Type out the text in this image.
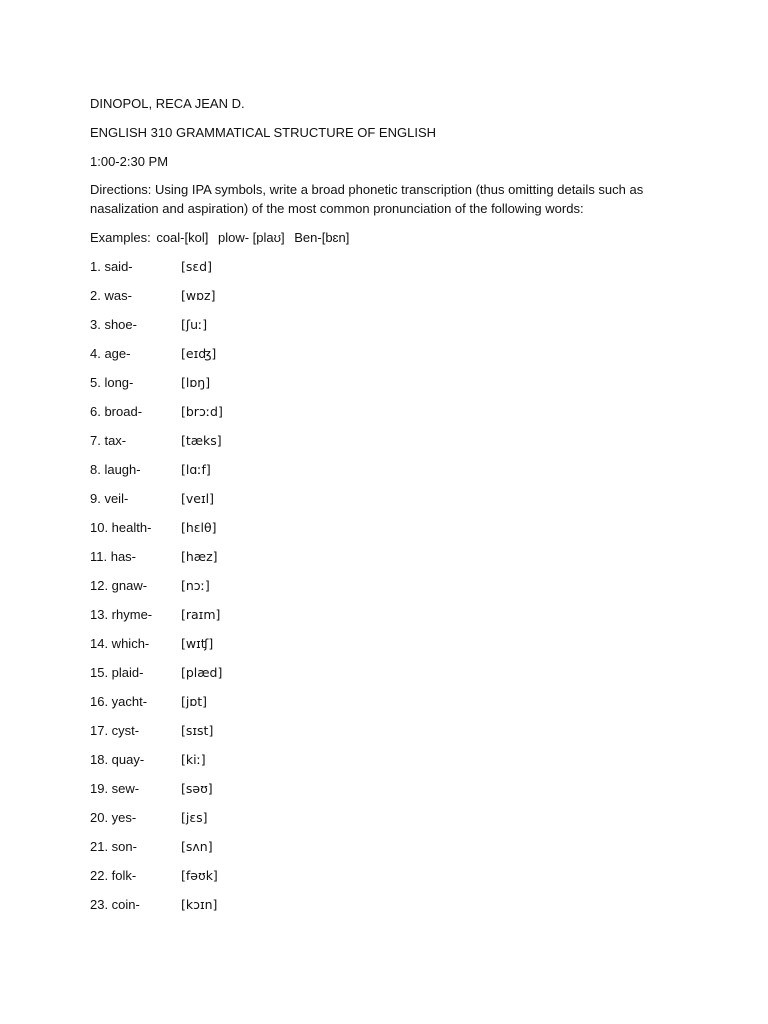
DINOPOL, RECA JEAN D.
ENGLISH 310 GRAMMATICAL STRUCTURE OF ENGLISH
1:00-2:30 PM
Directions: Using IPA symbols, write a broad phonetic transcription (thus omitting details such as nasalization and aspiration) of the most common pronunciation of the following words:
Examples: coal-[kol] plow- [plaʊ] Ben-[bɛn]
1. said-	[sɛd]
2. was-	[wɒz]
3. shoe-	[ʃuː]
4. age-	[eɪʤ]
5. long-	[lɒŋ]
6. broad-	[brɔːd]
7. tax-	[tæks]
8. laugh-	[lɑːf]
9. veil-	[veɪl]
10. health-	[hɛlθ]
11. has-	[hæz]
12. gnaw-	[nɔː]
13. rhyme-	[raɪm]
14. which-	[wɪʧ]
15. plaid-	[plæd]
16. yacht-	[jɒt]
17. cyst-	[sɪst]
18. quay-	[kiː]
19. sew-	[səʊ]
20. yes-	[jɛs]
21. son-	[sʌn]
22. folk-	[fəʊk]
23. coin-	[kɔɪn]
